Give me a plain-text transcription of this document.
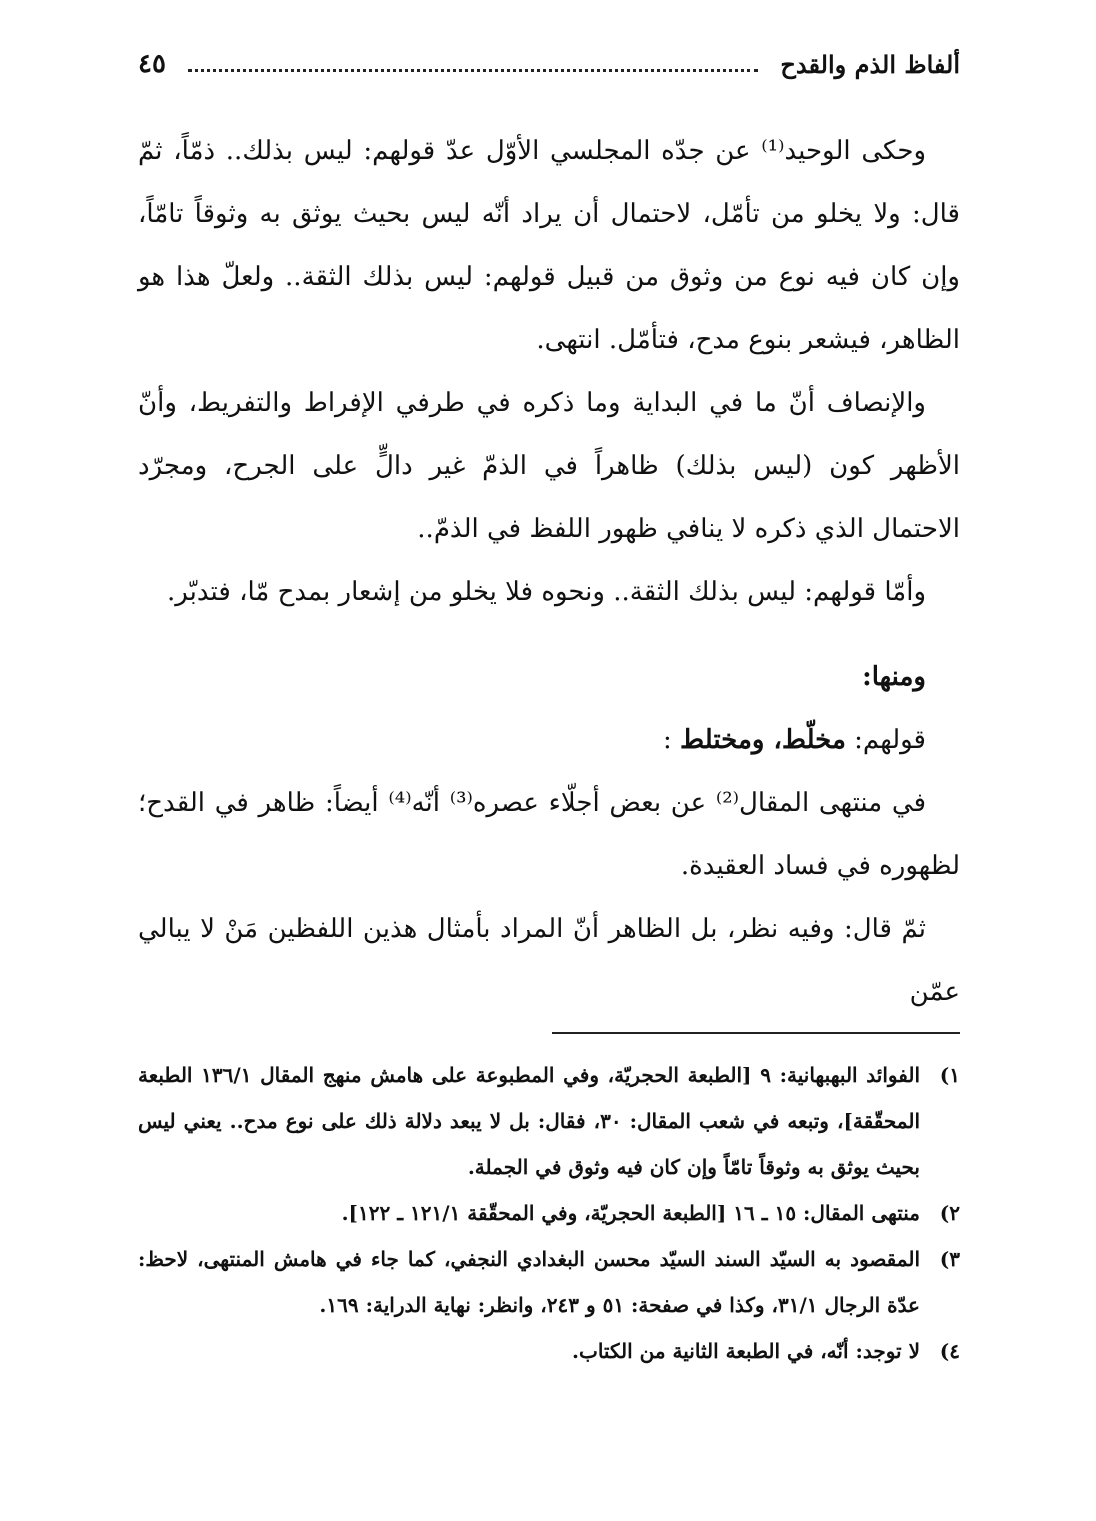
ألفاظ الذم والقدح
٤٥

وحكى الوحيد⁽¹⁾ عن جدّه المجلسي الأوّل عدّ قولهم: ليس بذلك.. ذمّاً، ثمّ قال: ولا يخلو من تأمّل، لاحتمال أن يراد أنّه ليس بحيث يوثق به وثوقاً تامّاً، وإن كان فيه نوع من وثوق من قبيل قولهم: ليس بذلك الثقة.. ولعلّ هذا هو الظاهر، فيشعر بنوع مدح، فتأمّل. انتهى.

والإنصاف أنّ ما في البداية وما ذكره في طرفي الإفراط والتفريط، وأنّ الأظهر كون (ليس بذلك) ظاهراً في الذمّ غير دالٍّ على الجرح، ومجرّد الاحتمال الذي ذكره لا ينافي ظهور اللفظ في الذمّ..

وأمّا قولهم: ليس بذلك الثقة.. ونحوه فلا يخلو من إشعار بمدح مّا، فتدبّر.

ومنها:

قولهم: مخلّط، ومختلط :

في منتهى المقال⁽²⁾ عن بعض أجلّاء عصره⁽³⁾ أنّه⁽⁴⁾ أيضاً: ظاهر في القدح؛ لظهوره في فساد العقيدة.

ثمّ قال: وفيه نظر، بل الظاهر أنّ المراد بأمثال هذين اللفظين مَنْ لا يبالي عمّن

١)
الفوائد البهبهانية: ٩ [الطبعة الحجريّة، وفي المطبوعة على هامش منهج المقال ١٣٦/١ الطبعة المحقّقة]، وتبعه في شعب المقال: ٣٠، فقال: بل لا يبعد دلالة ذلك على نوع مدح.. يعني ليس بحيث يوثق به وثوقاً تامّاً وإن كان فيه وثوق في الجملة.
٢)
منتهى المقال: ١٥ ـ ١٦ [الطبعة الحجريّة، وفي المحقّقة ١٢١/١ ـ ١٢٢].
٣)
المقصود به السيّد السند السيّد محسن البغدادي النجفي، كما جاء في هامش المنتهى، لاحظ: عدّة الرجال ٣١/١، وكذا في صفحة: ٥١ و ٢٤٣، وانظر: نهاية الدراية: ١٦٩.
٤)
لا توجد: أنّه، في الطبعة الثانية من الكتاب.
